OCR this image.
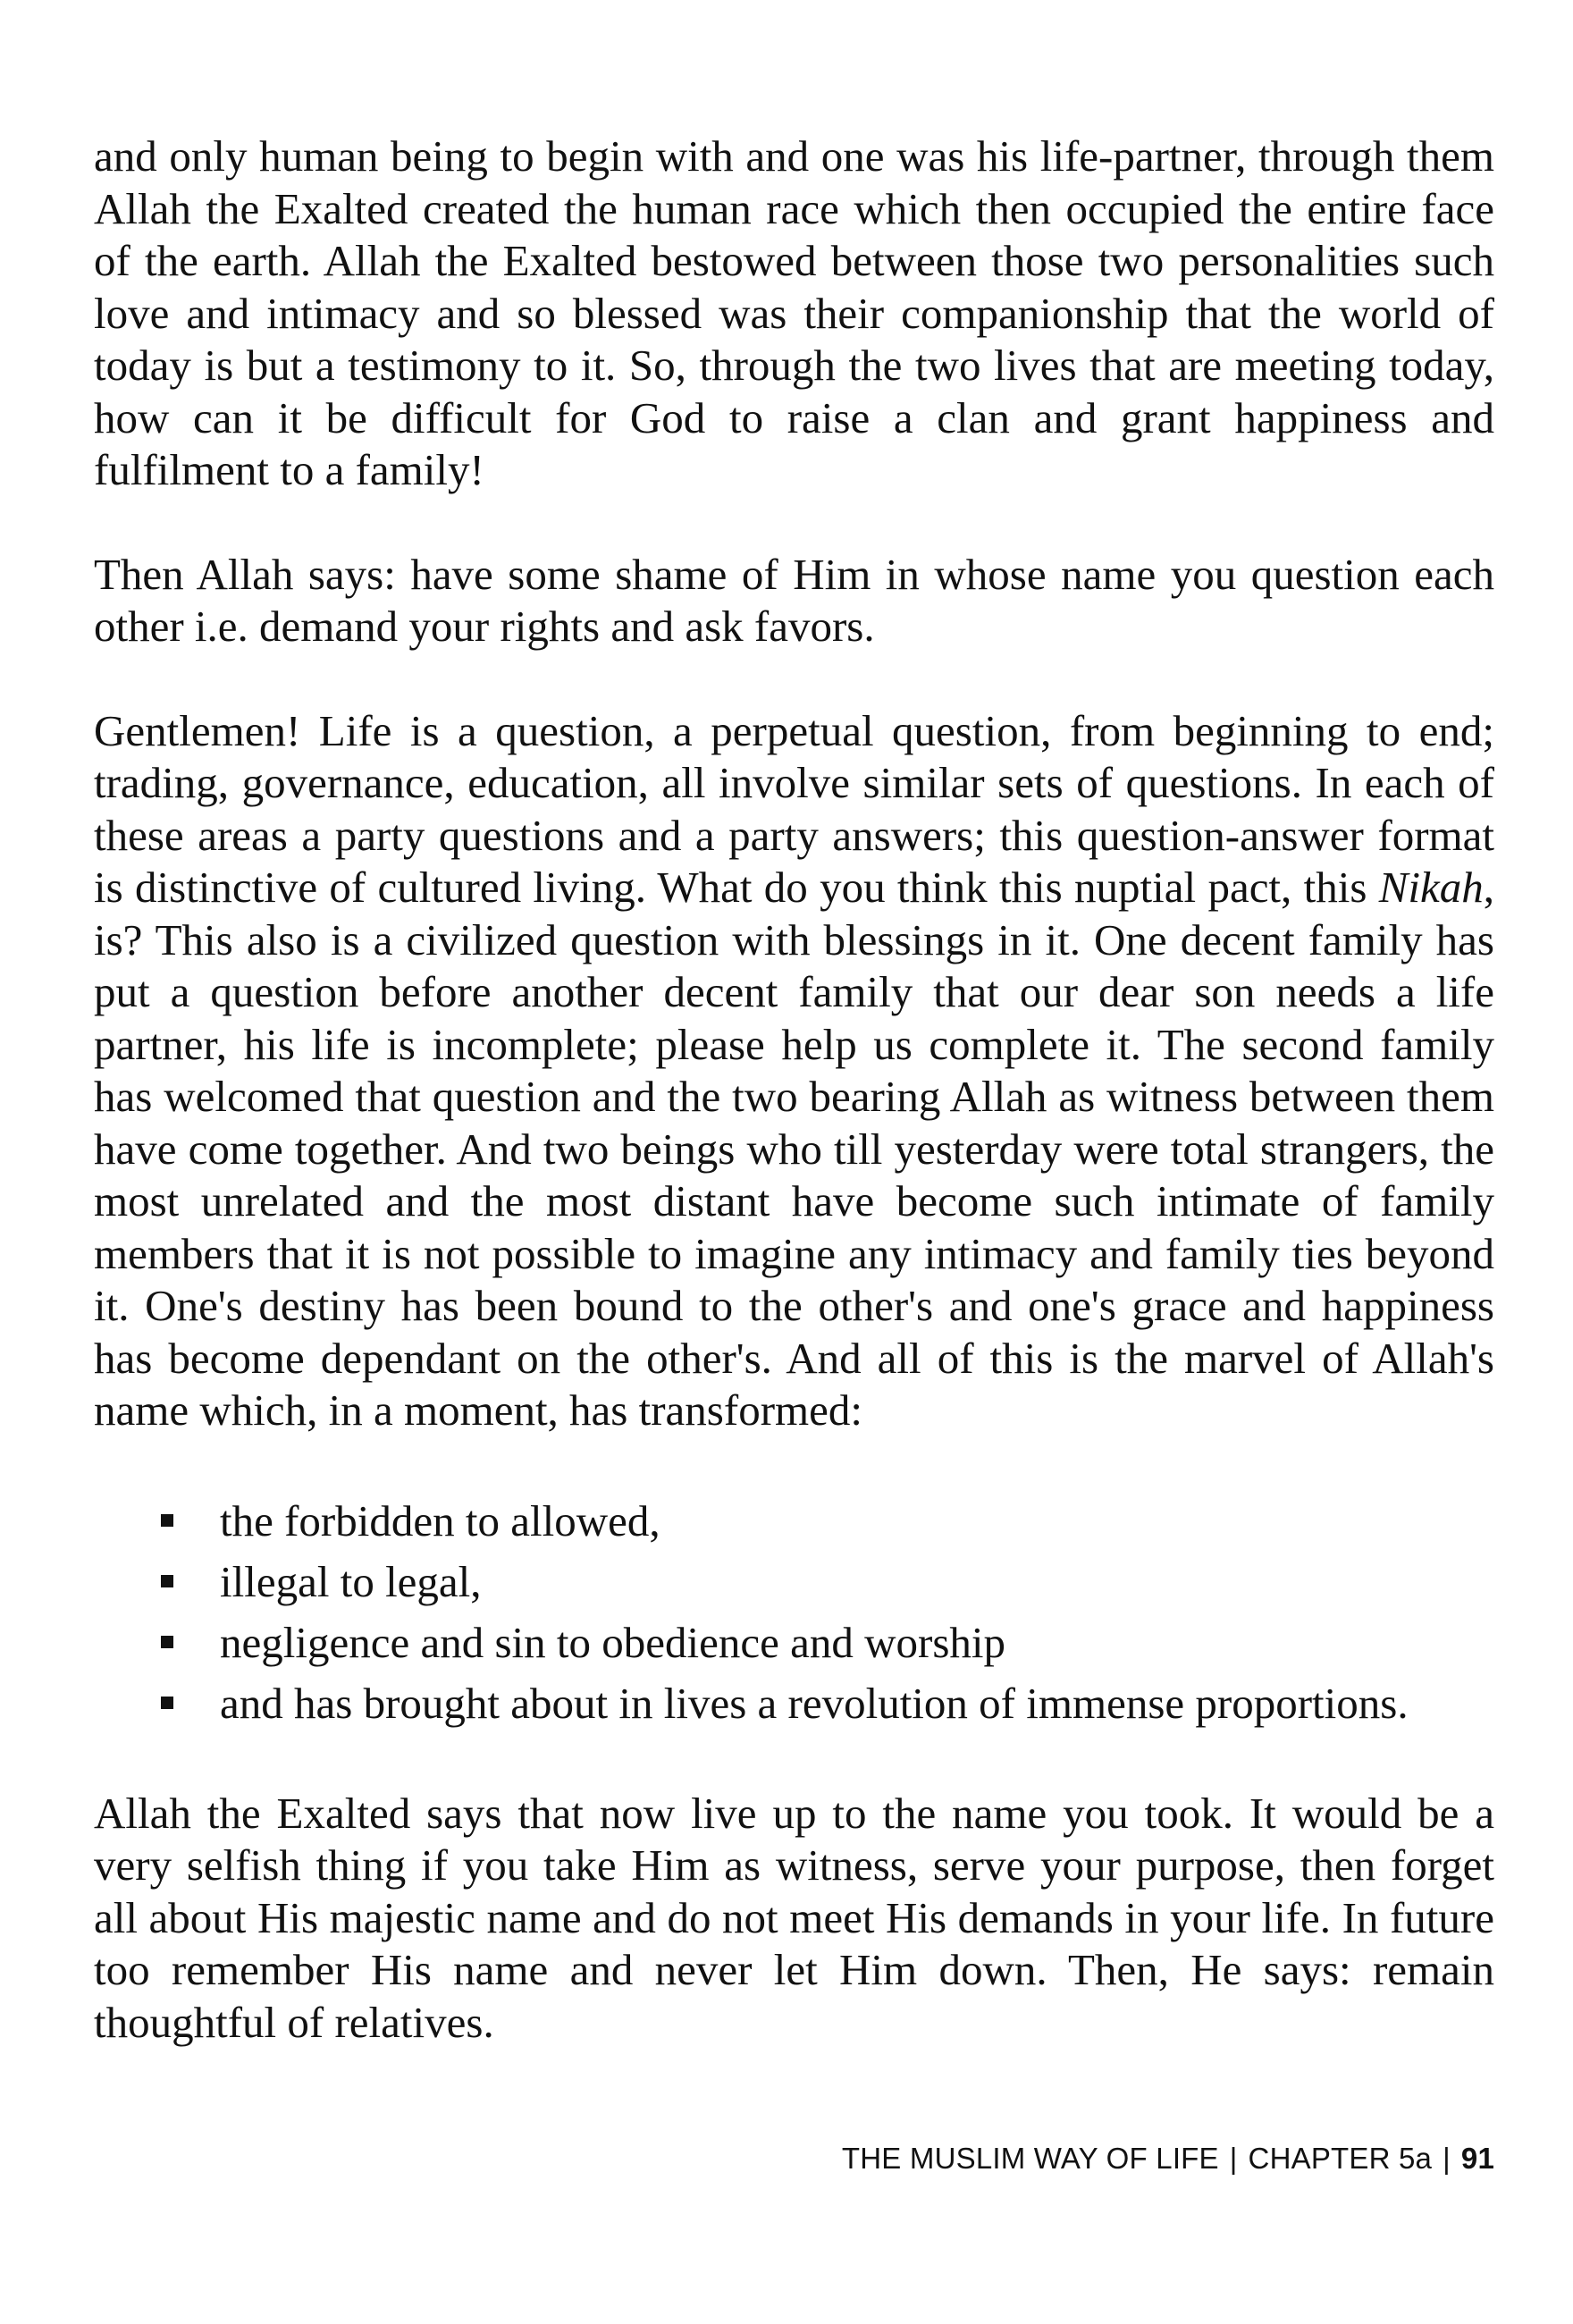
and only human being to begin with and one was his life-partner, through them Allah the Exalted created the human race which then occupied the entire face of the earth. Allah the Exalted bestowed between those two personalities such love and intimacy and so blessed was their companionship that the world of today is but a testimony to it. So, through the two lives that are meeting today, how can it be difficult for God to raise a clan and grant happiness and fulfilment to a family!

Then Allah says: have some shame of Him in whose name you question each other i.e. demand your rights and ask favors.

Gentlemen! Life is a question, a perpetual question, from beginning to end; trading, governance, education, all involve similar sets of questions. In each of these areas a party questions and a party answers; this question-answer format is distinctive of cultured living. What do you think this nuptial pact, this Nikah, is? This also is a civilized question with blessings in it. One decent family has put a question before another decent family that our dear son needs a life partner, his life is incomplete; please help us complete it. The second family has welcomed that question and the two bearing Allah as witness between them have come together. And two beings who till yesterday were total strangers, the most unrelated and the most distant have become such intimate of family members that it is not possible to imagine any intimacy and family ties beyond it. One's destiny has been bound to the other's and one's grace and happiness has become dependant on the other's. And all of this is the marvel of Allah's name which, in a moment, has transformed:

the forbidden to allowed,
illegal to legal,
negligence and sin to obedience and worship
and has brought about in lives a revolution of immense proportions.

Allah the Exalted says that now live up to the name you took. It would be a very selfish thing if you take Him as witness, serve your purpose, then forget all about His majestic name and do not meet His demands in your life. In future too remember His name and never let Him down. Then, He says: remain thoughtful of relatives.

THE MUSLIM WAY OF LIFE | CHAPTER 5a | 91
